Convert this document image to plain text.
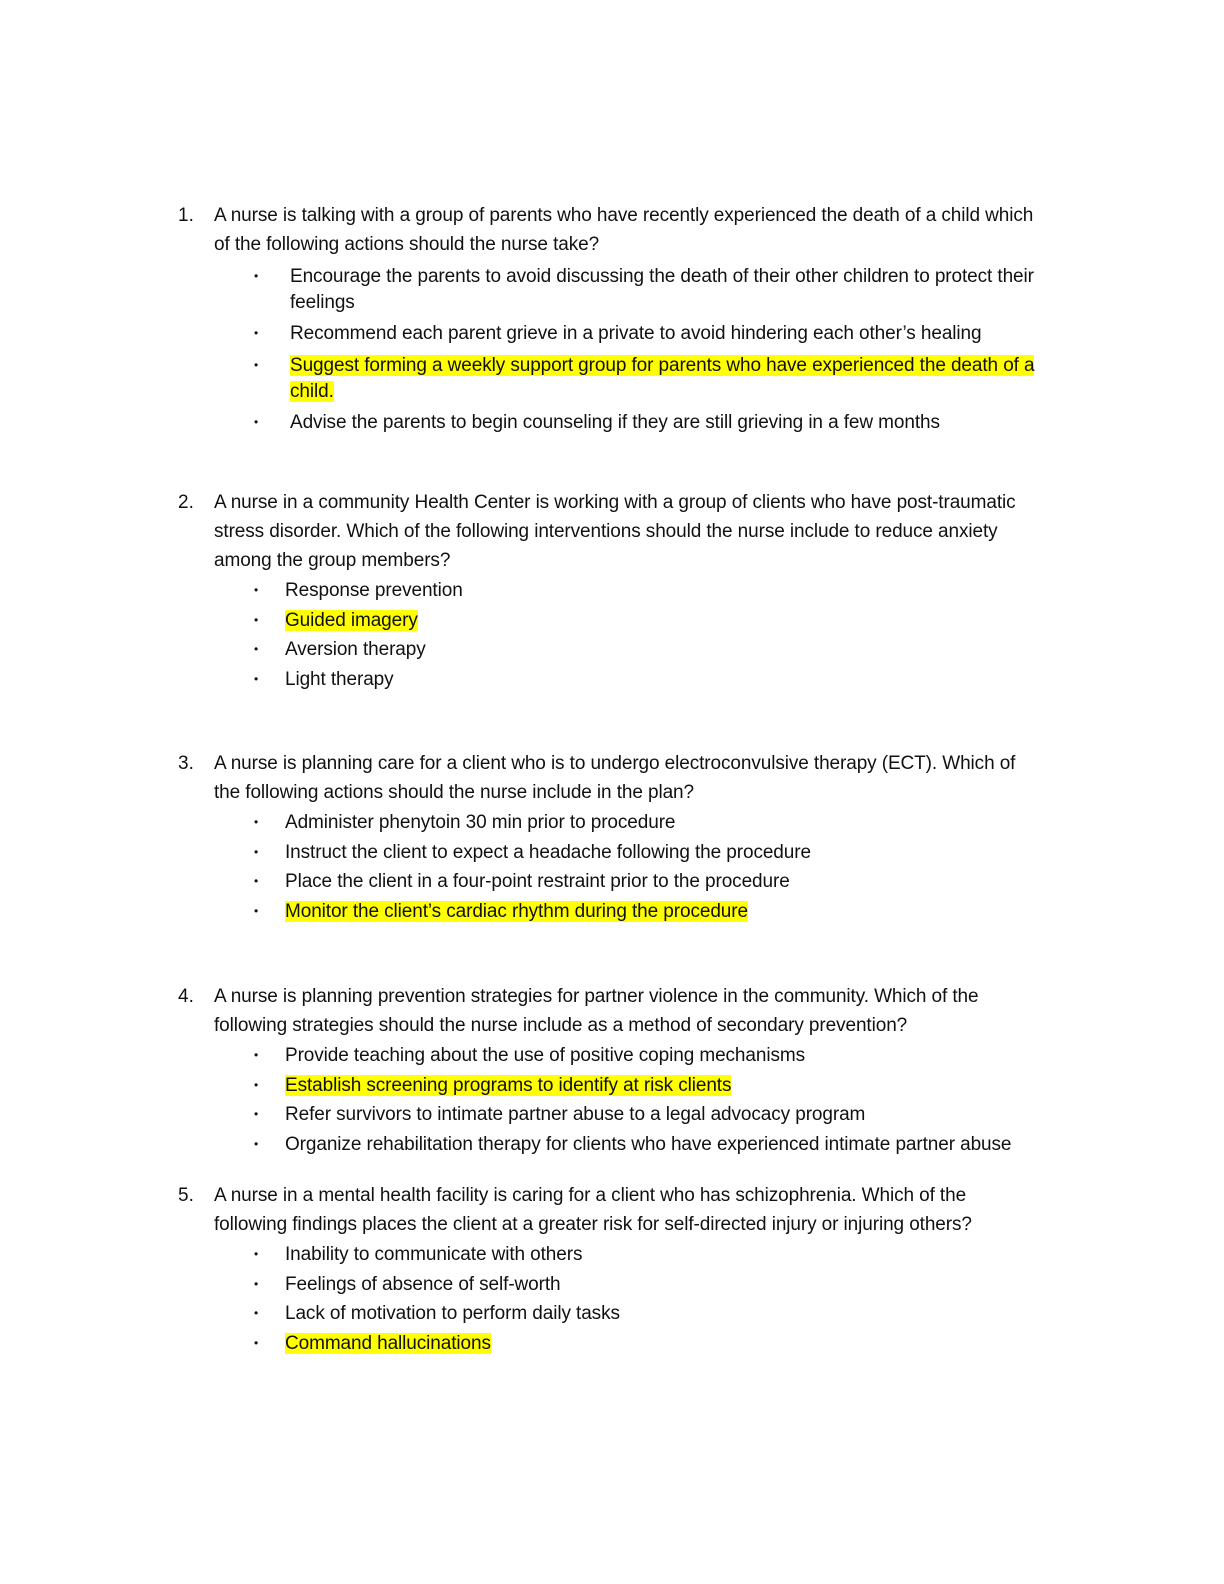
1.	A nurse is talking with a group of parents who have recently experienced the death of a child which of the following actions should the nurse take?
•	Encourage the parents to avoid discussing the death of their other children to protect their feelings
•	Recommend each parent grieve in a private to avoid hindering each other’s healing
•	Suggest forming a weekly support group for parents who have experienced the death of a child.
•	Advise the parents to begin counseling if they are still grieving in a few months
2.	A nurse in a community Health Center is working with a group of clients who have post-traumatic stress disorder. Which of the following interventions should the nurse include to reduce anxiety among the group members?
•	Response prevention
•	Guided imagery
•	Aversion therapy
•	Light therapy
3.	A nurse is planning care for a client who is to undergo electroconvulsive therapy (ECT). Which of the following actions should the nurse include in the plan?
•	Administer phenytoin 30 min prior to procedure
•	Instruct the client to expect a headache following the procedure
•	Place the client in a four-point restraint prior to the procedure
•	Monitor the client’s cardiac rhythm during the procedure
4.	A nurse is planning prevention strategies for partner violence in the community. Which of the following strategies should the nurse include as a method of secondary prevention?
•	Provide teaching about the use of positive coping mechanisms
•	Establish screening programs to identify at risk clients
•	Refer survivors to intimate partner abuse to a legal advocacy program
•	Organize rehabilitation therapy for clients who have experienced intimate partner abuse
5.	A nurse in a mental health facility is caring for a client who has schizophrenia. Which of the following findings places the client at a greater risk for self-directed injury or injuring others?
•	Inability to communicate with others
•	Feelings of absence of self-worth
•	Lack of motivation to perform daily tasks
•	Command hallucinations
